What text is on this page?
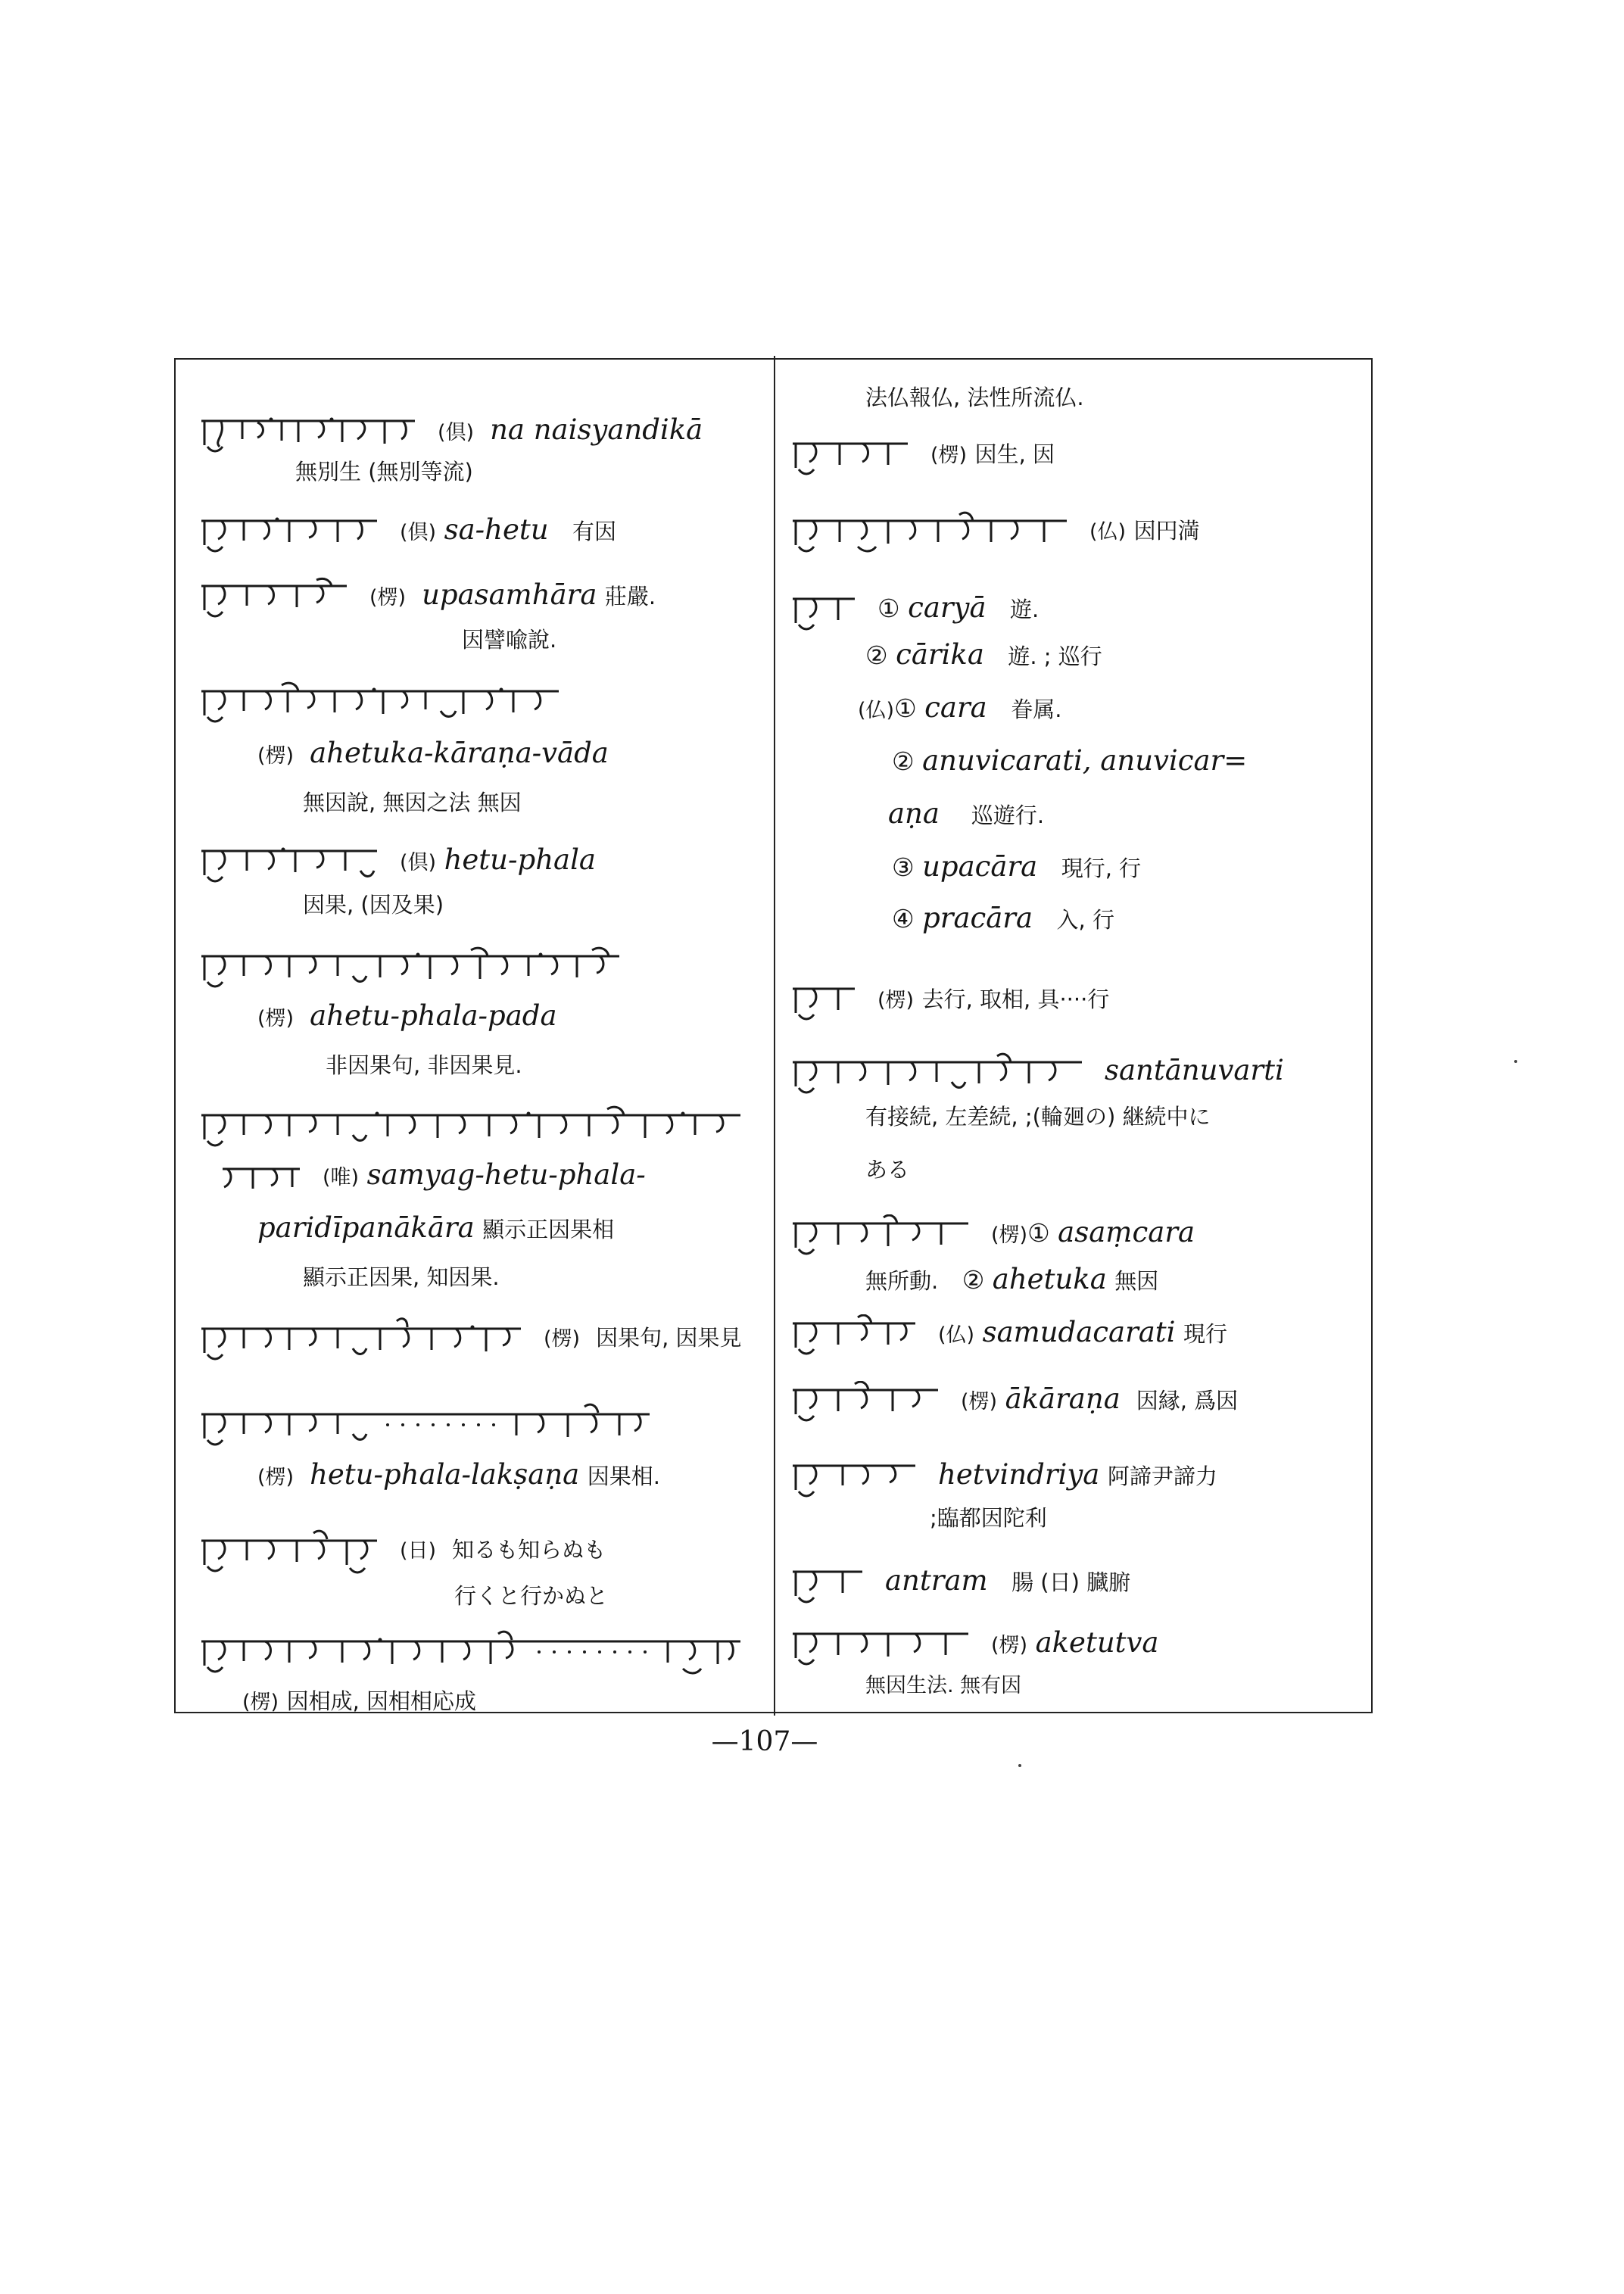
(倶) na naisyandikā
無別生 (無別等流)
(倶) sa-hetu 有因
(楞) upasamhāra 莊嚴.
因譬喩說.
(楞) ahetuka-kāraṇa-vāda
無因說, 無因之法 無因
(倶) hetu-phala
因果, (因及果)
(楞) ahetu-phala-pada
非因果句, 非因果見.
(唯) samyag-hetu-phala-
paridīpanākāra 顯示正因果相
顯示正因果, 知因果.
(楞) 因果句, 因果見
(楞) hetu-phala-lakṣaṇa 因果相.
(日) 知るも知らぬも
行くと行かぬと
(楞) 因相成, 因相相応成
法仏報仏, 法性所流仏.
(楞) 因生, 因
(仏) 因円満
① caryā 遊.
② cārika 遊. ; 巡行
(仏)① cara 眷属.
② anuvicarati, anuvicar=
aṇa 巡遊行.
③ upacāra 現行, 行
④ pracāra 入, 行
(楞) 去行, 取相, 具····行
santānuvarti
有接続, 左差続, ;(輪廻の) 継続中に
ある
(楞)① asaṃcara
無所動. ② ahetuka 無因
(仏) samudacarati 現行
(楞) ākāraṇa 因縁, 爲因
hetvindriya 阿諦尹諦力
;臨都因陀利
antram 腸 (日) 臓腑
(楞) aketutva
無因生法. 無有因
—107—
